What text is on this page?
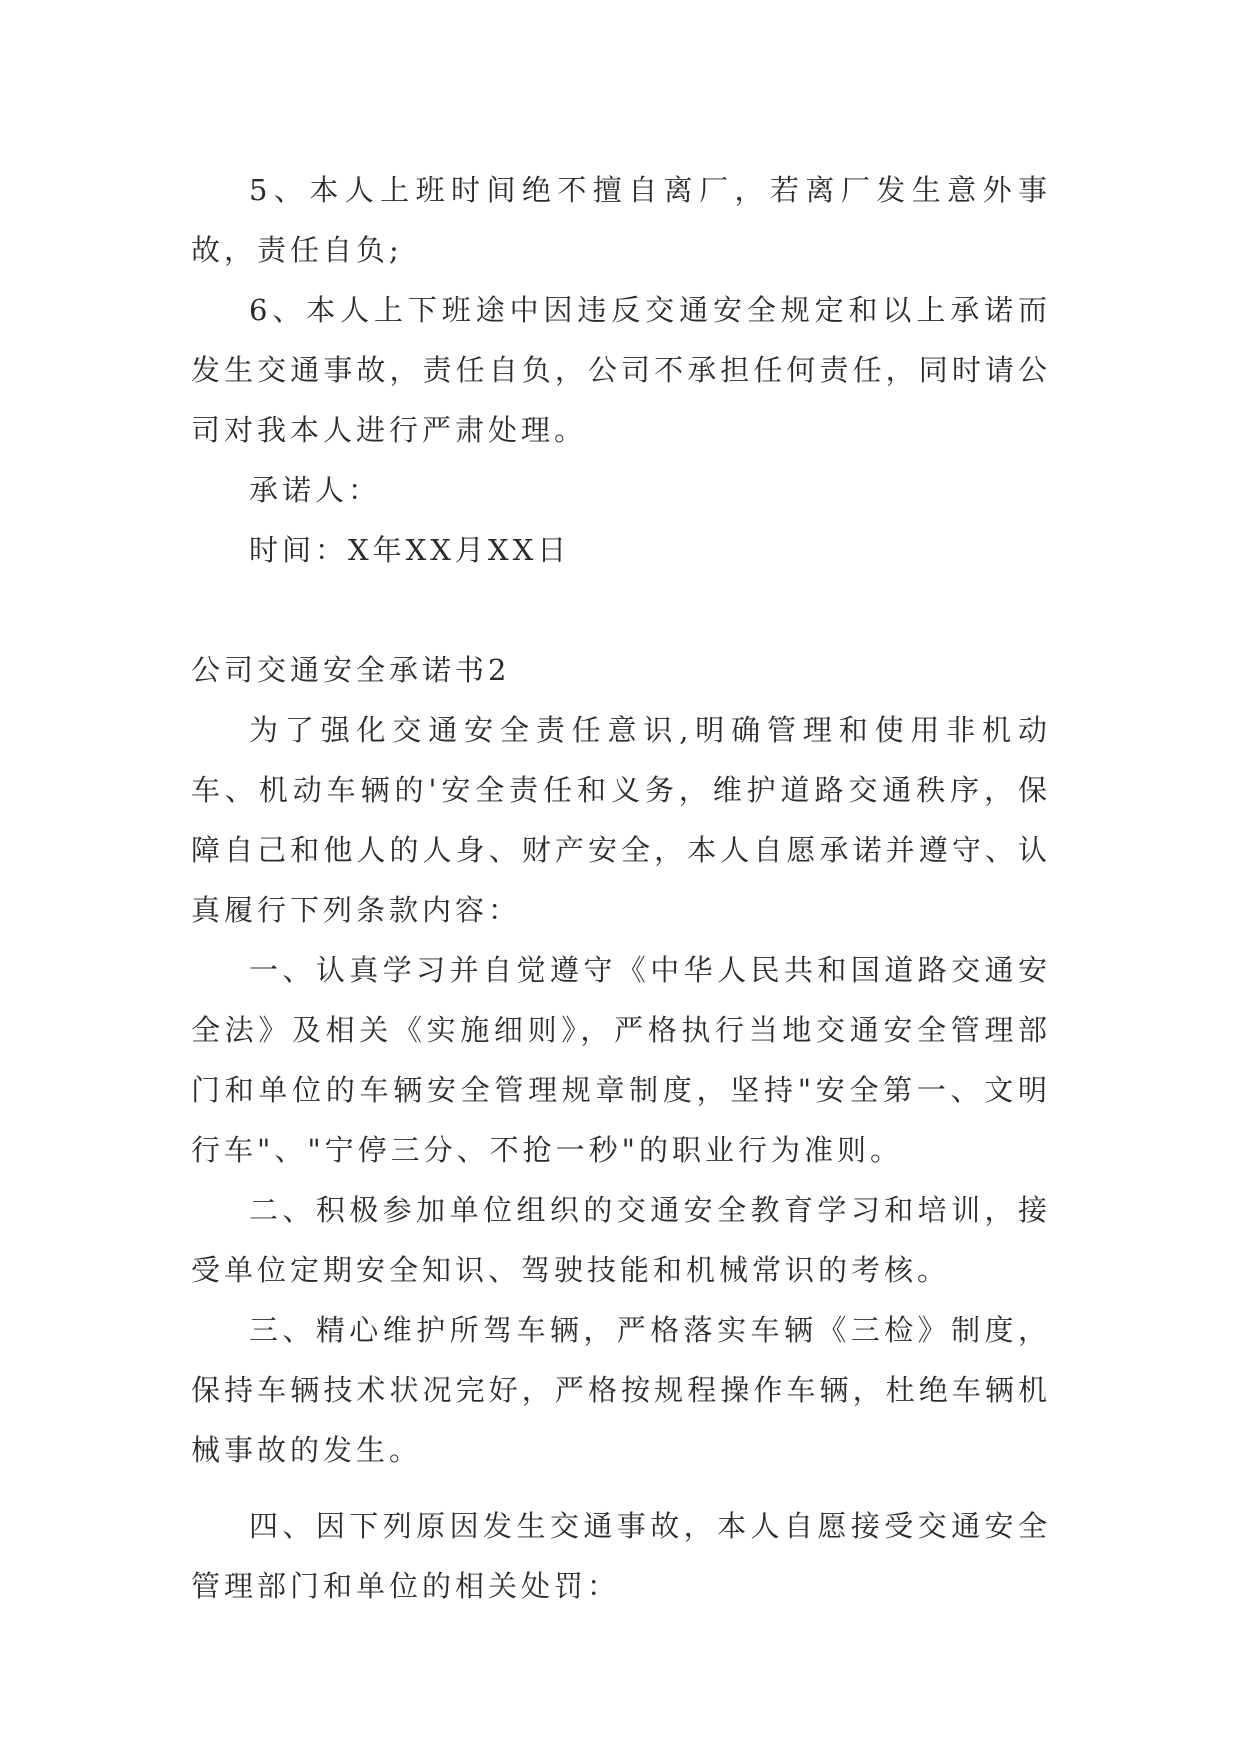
5、本人上班时间绝不擅自离厂，若离厂发生意外事故，责任自负;

6、本人上下班途中因违反交通安全规定和以上承诺而发生交通事故，责任自负，公司不承担任何责任，同时请公司对我本人进行严肃处理。

承诺人：

时间：X年XX月XX日

公司交通安全承诺书2

为了强化交通安全责任意识,明确管理和使用非机动车、机动车辆的'安全责任和义务，维护道路交通秩序，保障自己和他人的人身、财产安全，本人自愿承诺并遵守、认真履行下列条款内容：

一、认真学习并自觉遵守《中华人民共和国道路交通安全法》及相关《实施细则》，严格执行当地交通安全管理部门和单位的车辆安全管理规章制度，坚持"安全第一、文明行车"、"宁停三分、不抢一秒"的职业行为准则。

二、积极参加单位组织的交通安全教育学习和培训，接受单位定期安全知识、驾驶技能和机械常识的考核。

三、精心维护所驾车辆，严格落实车辆《三检》制度，保持车辆技术状况完好，严格按规程操作车辆，杜绝车辆机械事故的发生。

四、因下列原因发生交通事故，本人自愿接受交通安全管理部门和单位的相关处罚：
